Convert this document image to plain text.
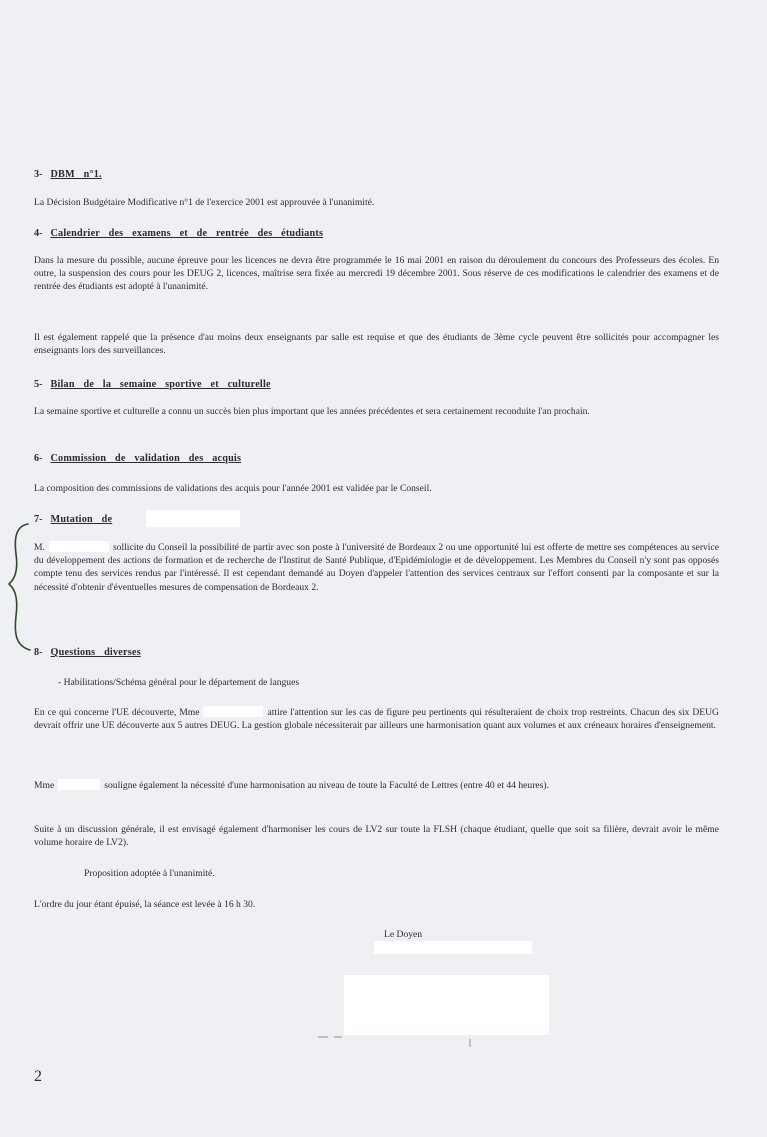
3- DBM n°1.

La Décision Budgétaire Modificative n°1 de l'exercice 2001 est approuvée à l'unanimité.

4- Calendrier des examens et de rentrée des étudiants

Dans la mesure du possible, aucune épreuve pour les licences ne devra être programmée le 16 mai 2001 en raison du déroulement du concours des Professeurs des écoles. En outre, la suspension des cours pour les DEUG 2, licences, maîtrise sera fixée au mercredi 19 décembre 2001. Sous réserve de ces modifications le calendrier des examens et de rentrée des étudiants est adopté à l'unanimité.

Il est également rappelé que la présence d'au moins deux enseignants par salle est requise et que des étudiants de 3ème cycle peuvent être sollicités pour accompagner les enseignants lors des surveillances.

5- Bilan de la semaine sportive et culturelle

La semaine sportive et culturelle a connu un succès bien plus important que les années précédentes et sera certainement reconduite l'an prochain.

6- Commission de validation des acquis

La composition des commissions de validations des acquis pour l'année 2001 est validée par le Conseil.

7- Mutation de

M.	sollicite du Conseil la possibilité de partir avec son poste à l'université de Bordeaux 2 ou une opportunité lui est offerte de mettre ses compétences au service du développement des actions de formation et de recherche de l'Institut de Santé Publique, d'Epidémiologie et de développement. Les Membres du Conseil n'y sont pas opposés compte tenu des services rendus par l'intéressé. Il est cependant demandé au Doyen d'appeler l'attention des services centraux sur l'effort consenti par la composante et sur la nécessité d'obtenir d'éventuelles mesures de compensation de Bordeaux 2.

8- Questions diverses

- Habilitations/Schéma général pour le département de langues

En ce qui concerne l'UE découverte, Mme	attire l'attention sur les cas de figure peu pertinents qui résulteraient de choix trop restreints. Chacun des six DEUG devrait offrir une UE découverte aux 5 autres DEUG. La gestion globale nécessiterait par ailleurs une harmonisation quant aux volumes et aux créneaux horaires d'enseignement.

Mme	souligne également la nécessité d'une harmonisation au niveau de toute la Faculté de Lettres (entre 40 et 44 heures).

Suite à un discussion générale, il est envisagé également d'harmoniser les cours de LV2 sur toute la FLSH (chaque étudiant, quelle que soit sa filière, devrait avoir le même volume horaire de LV2).

Proposition adoptée à l'unanimité.

L'ordre du jour étant épuisé, la séance est levée à 16 h 30.

Le Doyen
2
